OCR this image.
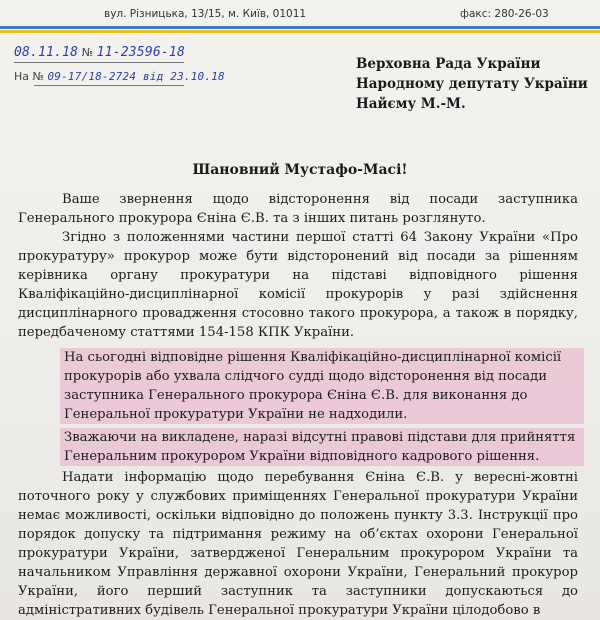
вул. Різницька, 13/15, м. Київ, 01011	факс: 280-26-03
08.11.18 № 11-23596-18
На № 09-17/18-2724 від 23.10.18
Верховна Рада України
Народному депутату України
Найєму М.-М.
Шановний Мустафо-Масі!

Ваше звернення щодо відсторонення від посади заступника Генерального прокурора Єніна Є.В. та з інших питань розглянуто.

Згідно з положеннями частини першої статті 64 Закону України «Про прокуратуру» прокурор може бути відсторонений від посади за рішенням керівника органу прокуратури на підставі відповідного рішення Кваліфікаційно-дисциплінарної комісії прокурорів у разі здійснення дисциплінарного провадження стосовно такого прокурора, а також в порядку, передбаченому статтями 154-158 КПК України.

На сьогодні відповідне рішення Кваліфікаційно-дисциплінарної комісії прокурорів або ухвала слідчого судді щодо відсторонення від посади заступника Генерального прокурора Єніна Є.В. для виконання до Генеральної прокуратури України не надходили.

Зважаючи на викладене, наразі відсутні правові підстави для прийняття Генеральним прокурором України відповідного кадрового рішення.

Надати інформацію щодо перебування Єніна Є.В. у вересні-жовтні поточного року у службових приміщеннях Генеральної прокуратури України немає можливості, оскільки відповідно до положень пункту 3.3. Інструкції про порядок допуску та підтримання режиму на об’єктах охорони Генеральної прокуратури України, затвердженої Генеральним прокурором України та начальником Управління державної охорони України, Генеральний прокурор України, його перший заступник та заступники допускаються до адміністративних будівель Генеральної прокуратури України цілодобово в
